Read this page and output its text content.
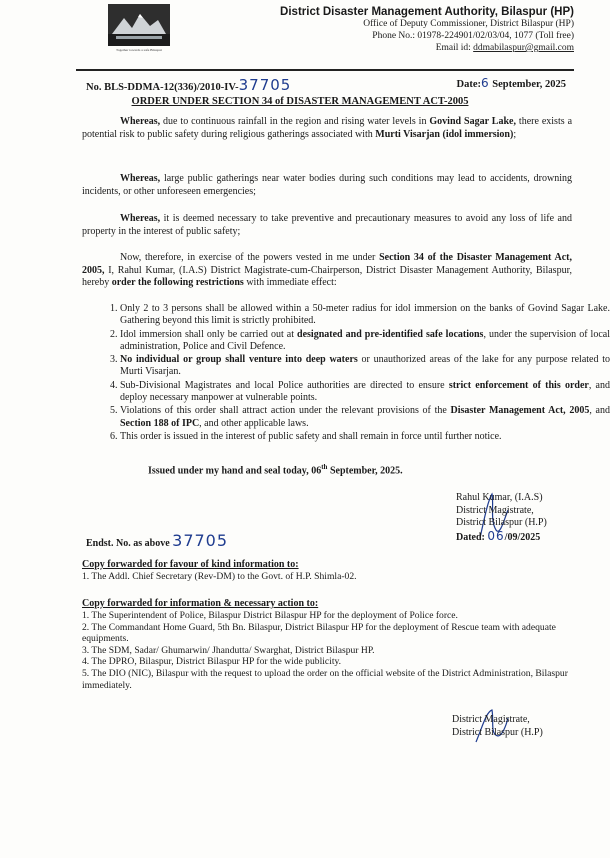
Together towards a safe Bilaspur
District Disaster Management Authority, Bilaspur (HP)
Office of Deputy Commissioner, District Bilaspur (HP)
Phone No.: 01978-224901/02/03/04, 1077 (Toll free)
Email id: ddmabilaspur@gmail.com
No. BLS-DDMA-12(336)/2010-IV-37705	Date:6 September, 2025
ORDER UNDER SECTION 34 of DISASTER MANAGEMENT ACT-2005
Whereas, due to continuous rainfall in the region and rising water levels in Govind Sagar Lake, there exists a potential risk to public safety during religious gatherings associated with Murti Visarjan (idol immersion);
Whereas, large public gatherings near water bodies during such conditions may lead to accidents, drowning incidents, or other unforeseen emergencies;
Whereas, it is deemed necessary to take preventive and precautionary measures to avoid any loss of life and property in the interest of public safety;
Now, therefore, in exercise of the powers vested in me under Section 34 of the Disaster Management Act, 2005, I, Rahul Kumar, (I.A.S) District Magistrate-cum-Chairperson, District Disaster Management Authority, Bilaspur, hereby order the following restrictions with immediate effect:
1. Only 2 to 3 persons shall be allowed within a 50-meter radius for idol immersion on the banks of Govind Sagar Lake. Gathering beyond this limit is strictly prohibited.
2. Idol immersion shall only be carried out at designated and pre-identified safe locations, under the supervision of local administration, Police and Civil Defence.
3. No individual or group shall venture into deep waters or unauthorized areas of the lake for any purpose related to Murti Visarjan.
4. Sub-Divisional Magistrates and local Police authorities are directed to ensure strict enforcement of this order, and deploy necessary manpower at vulnerable points.
5. Violations of this order shall attract action under the relevant provisions of the Disaster Management Act, 2005, and Section 188 of IPC, and other applicable laws.
6. This order is issued in the interest of public safety and shall remain in force until further notice.
Issued under my hand and seal today, 06th September, 2025.
Rahul Kumar, (I.A.S)
District Magistrate,
District Bilaspur (H.P)
Dated: 06/09/2025
Endst. No. as above 37705
Copy forwarded for favour of kind information to:
1. The Addl. Chief Secretary (Rev-DM) to the Govt. of H.P. Shimla-02.
Copy forwarded for information & necessary action to:
1. The Superintendent of Police, Bilaspur District Bilaspur HP for the deployment of Police force.
2. The Commandant Home Guard, 5th Bn. Bilaspur, District Bilaspur HP for the deployment of Rescue team with adequate equipments.
3. The SDM, Sadar/ Ghumarwin/ Jhandutta/ Swarghat, District Bilaspur HP.
4. The DPRO, Bilaspur, District Bilaspur HP for the wide publicity.
5. The DIO (NIC), Bilaspur with the request to upload the order on the official website of the District Administration, Bilaspur immediately.
District Magistrate,
District Bilaspur (H.P)
